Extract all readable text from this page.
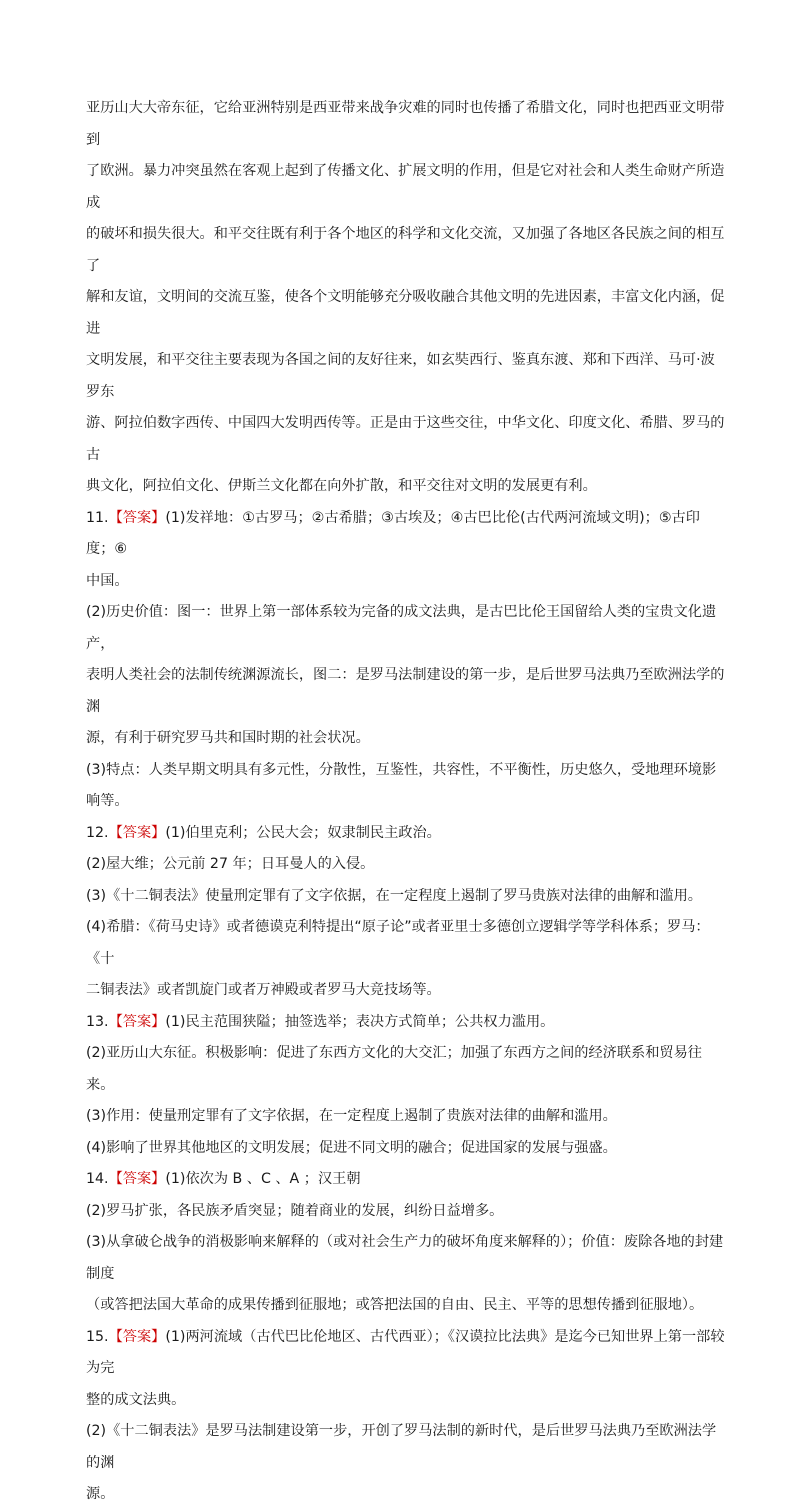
亚历山大大帝东征，它给亚洲特别是西亚带来战争灾难的同时也传播了希腊文化，同时也把西亚文明带到

了欧洲。暴力冲突虽然在客观上起到了传播文化、扩展文明的作用，但是它对社会和人类生命财产所造成

的破坏和损失很大。和平交往既有利于各个地区的科学和文化交流，又加强了各地区各民族之间的相互了

解和友谊，文明间的交流互鉴，使各个文明能够充分吸收融合其他文明的先进因素，丰富文化内涵，促进

文明发展，和平交往主要表现为各国之间的友好往来，如玄奘西行、鉴真东渡、郑和下西洋、马可·波罗东

游、阿拉伯数字西传、中国四大发明西传等。正是由于这些交往，中华文化、印度文化、希腊、罗马的古

典文化，阿拉伯文化、伊斯兰文化都在向外扩散，和平交往对文明的发展更有利。

11.【答案】(1)发祥地：①古罗马；②古希腊；③古埃及；④古巴比伦(古代两河流域文明)；⑤古印度；⑥

中国。

(2)历史价值：图一：世界上第一部体系较为完备的成文法典，是古巴比伦王国留给人类的宝贵文化遗产，

表明人类社会的法制传统渊源流长，图二：是罗马法制建设的第一步，是后世罗马法典乃至欧洲法学的渊

源，有利于研究罗马共和国时期的社会状况。

(3)特点：人类早期文明具有多元性，分散性，互鉴性，共容性，不平衡性，历史悠久，受地理环境影响等。

12.【答案】(1)伯里克利；公民大会；奴隶制民主政治。

(2)屋大维；公元前 27 年；日耳曼人的入侵。

(3)《十二铜表法》使量刑定罪有了文字依据，在一定程度上遏制了罗马贵族对法律的曲解和滥用。

(4)希腊：《荷马史诗》或者德谟克利特提出“原子论”或者亚里士多德创立逻辑学等学科体系；罗马：《十

二铜表法》或者凯旋门或者万神殿或者罗马大竞技场等。

13.【答案】(1)民主范围狭隘；抽签选举；表决方式简单；公共权力滥用。

(2)亚历山大东征。积极影响：促进了东西方文化的大交汇；加强了东西方之间的经济联系和贸易往来。

(3)作用：使量刑定罪有了文字依据，在一定程度上遏制了贵族对法律的曲解和滥用。

(4)影响了世界其他地区的文明发展；促进不同文明的融合；促进国家的发展与强盛。

14.【答案】(1)依次为 B 、C 、A ；汉王朝

(2)罗马扩张，各民族矛盾突显；随着商业的发展，纠纷日益增多。

(3)从拿破仑战争的消极影响来解释的（或对社会生产力的破坏角度来解释的）；价值：废除各地的封建制度

（或答把法国大革命的成果传播到征服地；或答把法国的自由、民主、平等的思想传播到征服地）。

15.【答案】(1)两河流域（古代巴比伦地区、古代西亚）；《汉谟拉比法典》是迄今已知世界上第一部较为完

整的成文法典。

(2)《十二铜表法》是罗马法制建设第一步，开创了罗马法制的新时代，是后世罗马法典乃至欧洲法学的渊

源。
